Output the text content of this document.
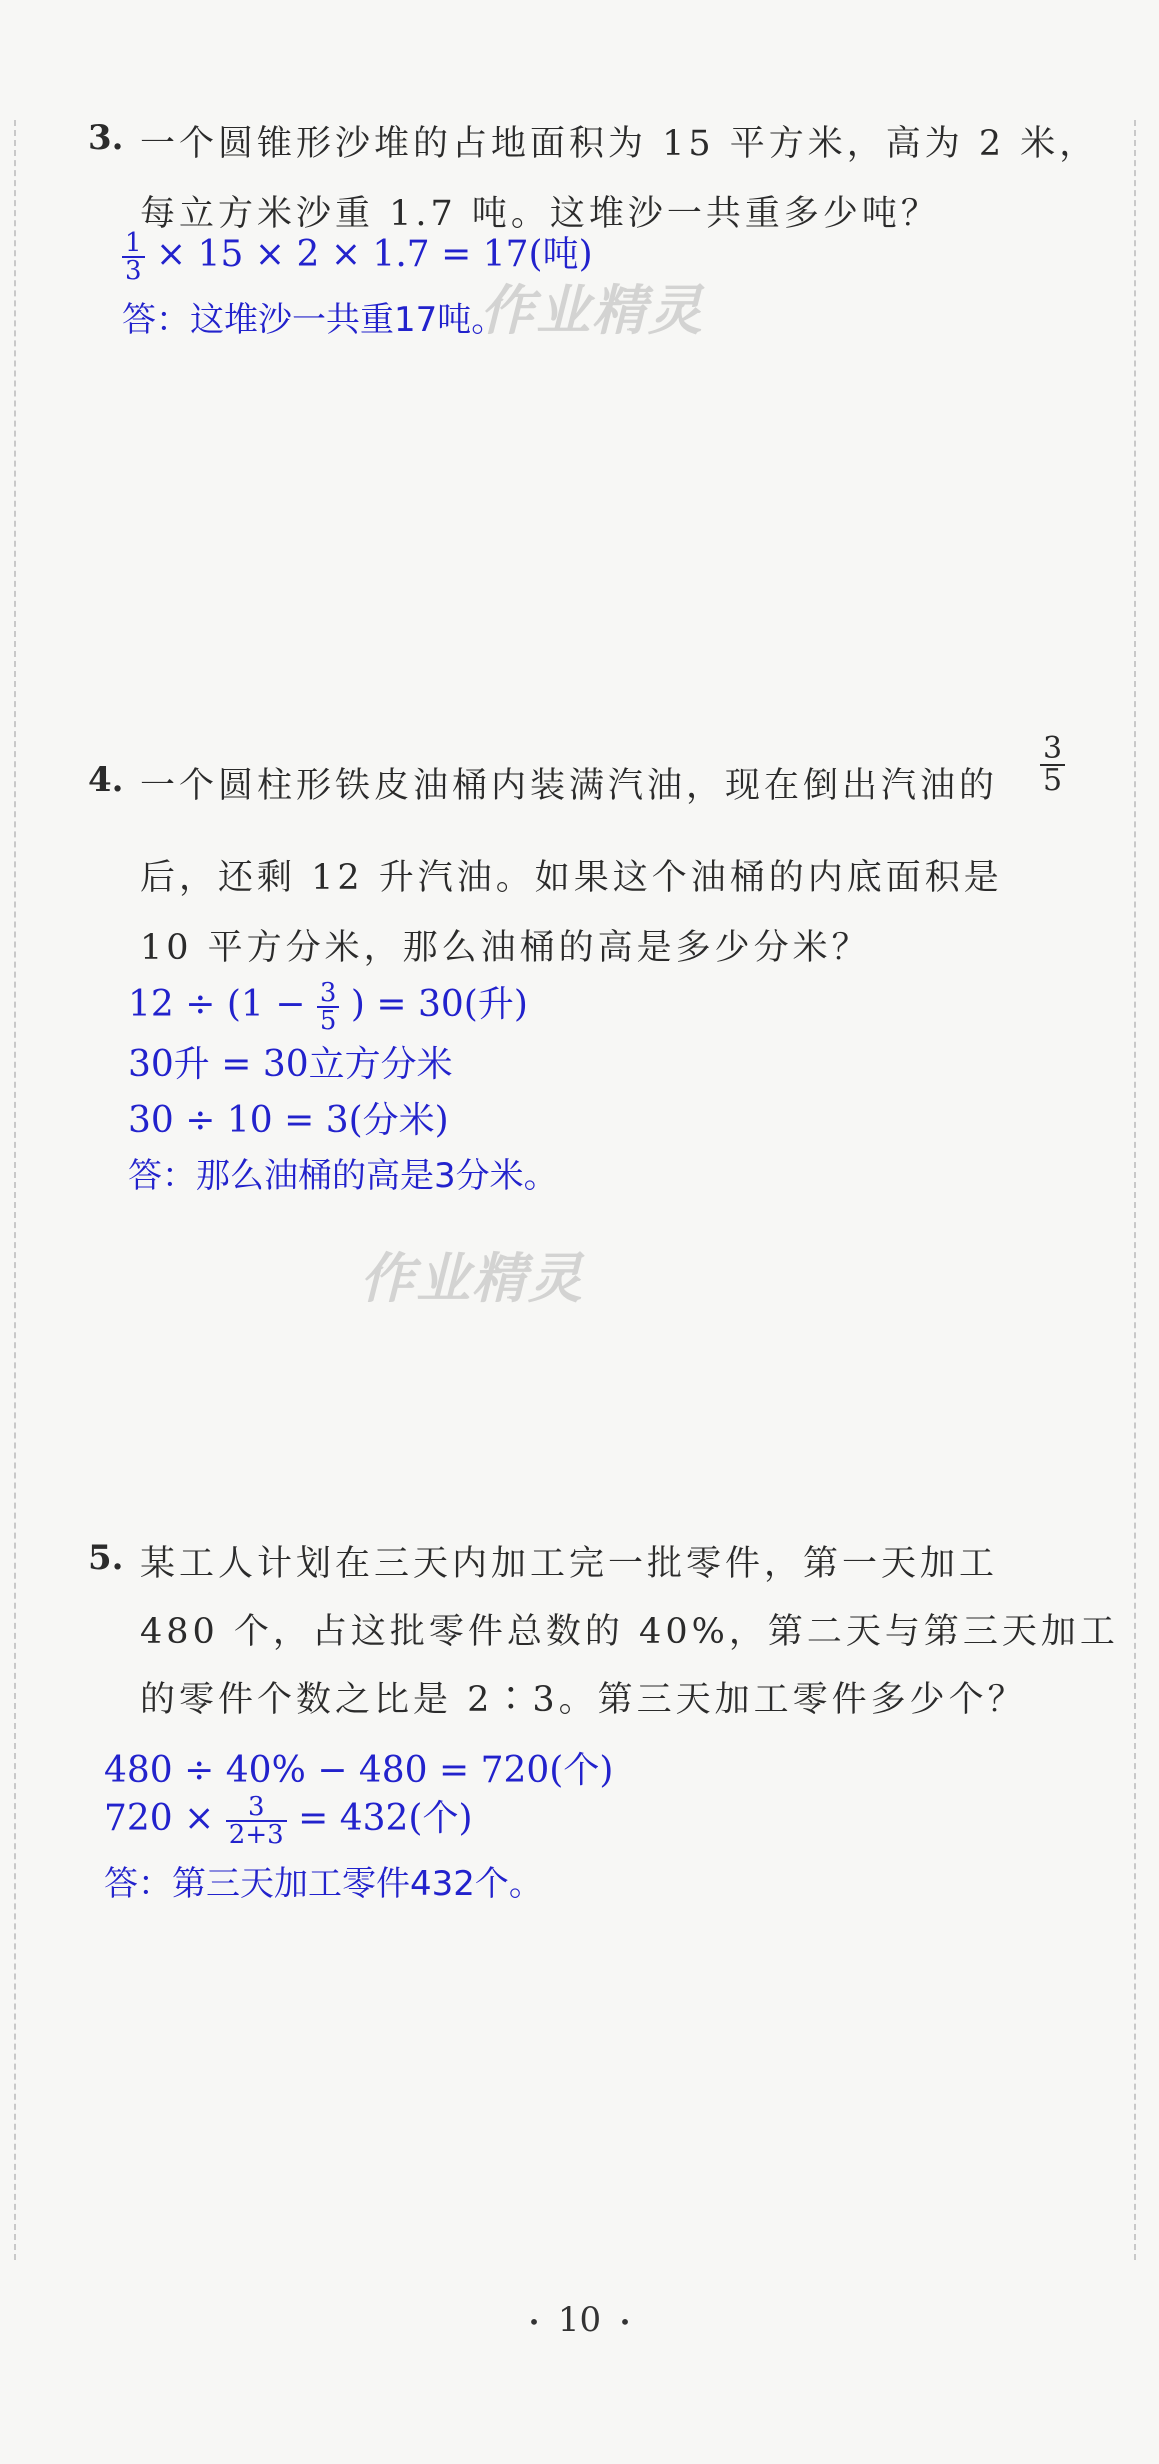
3. 一个圆锥形沙堆的占地面积为 15 平方米，高为 2 米，
每立方米沙重 1.7 吨。这堆沙一共重多少吨？
$\frac{1}{3} \times 15 \times 2 \times 1.7 = 17$(吨)
答：这堆沙一共重17吨。
作业精灵
4. 一个圆柱形铁皮油桶内装满汽油，现在倒出汽油的 $\frac{3}{5}$
后，还剩 12 升汽油。如果这个油桶的内底面积是
10 平方分米，那么油桶的高是多少分米？
$12 \div (1 - \frac{3}{5}$ ) = 30(升)
30升 = 30立方分米
30 ÷ 10 = 3(分米)
答：那么油桶的高是3分米。
作业精灵
5. 某工人计划在三天内加工完一批零件，第一天加工
480 个，占这批零件总数的 40%，第二天与第三天加工
的零件个数之比是 2∶3。第三天加工零件多少个？
480 ÷ 40% − 480 = 720(个)
$720 \times \frac{3}{2+3} = 432$(个)
答：第三天加工零件432个。
• 10 •
